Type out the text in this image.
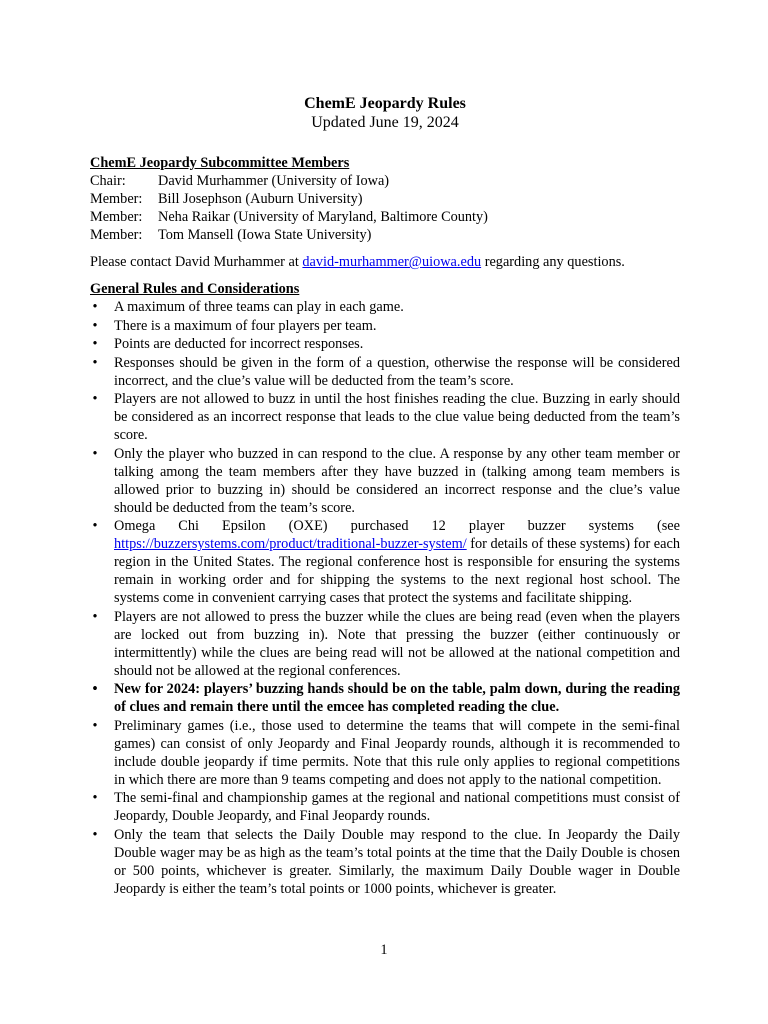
ChemE Jeopardy Rules
Updated June 19, 2024
ChemE Jeopardy Subcommittee Members
Chair: David Murhammer (University of Iowa)
Member: Bill Josephson (Auburn University)
Member: Neha Raikar (University of Maryland, Baltimore County)
Member: Tom Mansell (Iowa State University)
Please contact David Murhammer at david-murhammer@uiowa.edu regarding any questions.
General Rules and Considerations
• A maximum of three teams can play in each game.
• There is a maximum of four players per team.
• Points are deducted for incorrect responses.
• Responses should be given in the form of a question, otherwise the response will be considered incorrect, and the clue’s value will be deducted from the team’s score.
• Players are not allowed to buzz in until the host finishes reading the clue. Buzzing in early should be considered as an incorrect response that leads to the clue value being deducted from the team’s score.
• Only the player who buzzed in can respond to the clue. A response by any other team member or talking among the team members after they have buzzed in (talking among team members is allowed prior to buzzing in) should be considered an incorrect response and the clue’s value should be deducted from the team’s score.
• Omega Chi Epsilon (OXE) purchased 12 player buzzer systems (see https://buzzersystems.com/product/traditional-buzzer-system/ for details of these systems) for each region in the United States. The regional conference host is responsible for ensuring the systems remain in working order and for shipping the systems to the next regional host school. The systems come in convenient carrying cases that protect the systems and facilitate shipping.
• Players are not allowed to press the buzzer while the clues are being read (even when the players are locked out from buzzing in). Note that pressing the buzzer (either continuously or intermittently) while the clues are being read will not be allowed at the national competition and should not be allowed at the regional conferences.
• New for 2024: players’ buzzing hands should be on the table, palm down, during the reading of clues and remain there until the emcee has completed reading the clue.
• Preliminary games (i.e., those used to determine the teams that will compete in the semi-final games) can consist of only Jeopardy and Final Jeopardy rounds, although it is recommended to include double jeopardy if time permits. Note that this rule only applies to regional competitions in which there are more than 9 teams competing and does not apply to the national competition.
• The semi-final and championship games at the regional and national competitions must consist of Jeopardy, Double Jeopardy, and Final Jeopardy rounds.
• Only the team that selects the Daily Double may respond to the clue. In Jeopardy the Daily Double wager may be as high as the team’s total points at the time that the Daily Double is chosen or 500 points, whichever is greater. Similarly, the maximum Daily Double wager in Double Jeopardy is either the team’s total points or 1000 points, whichever is greater.
1
